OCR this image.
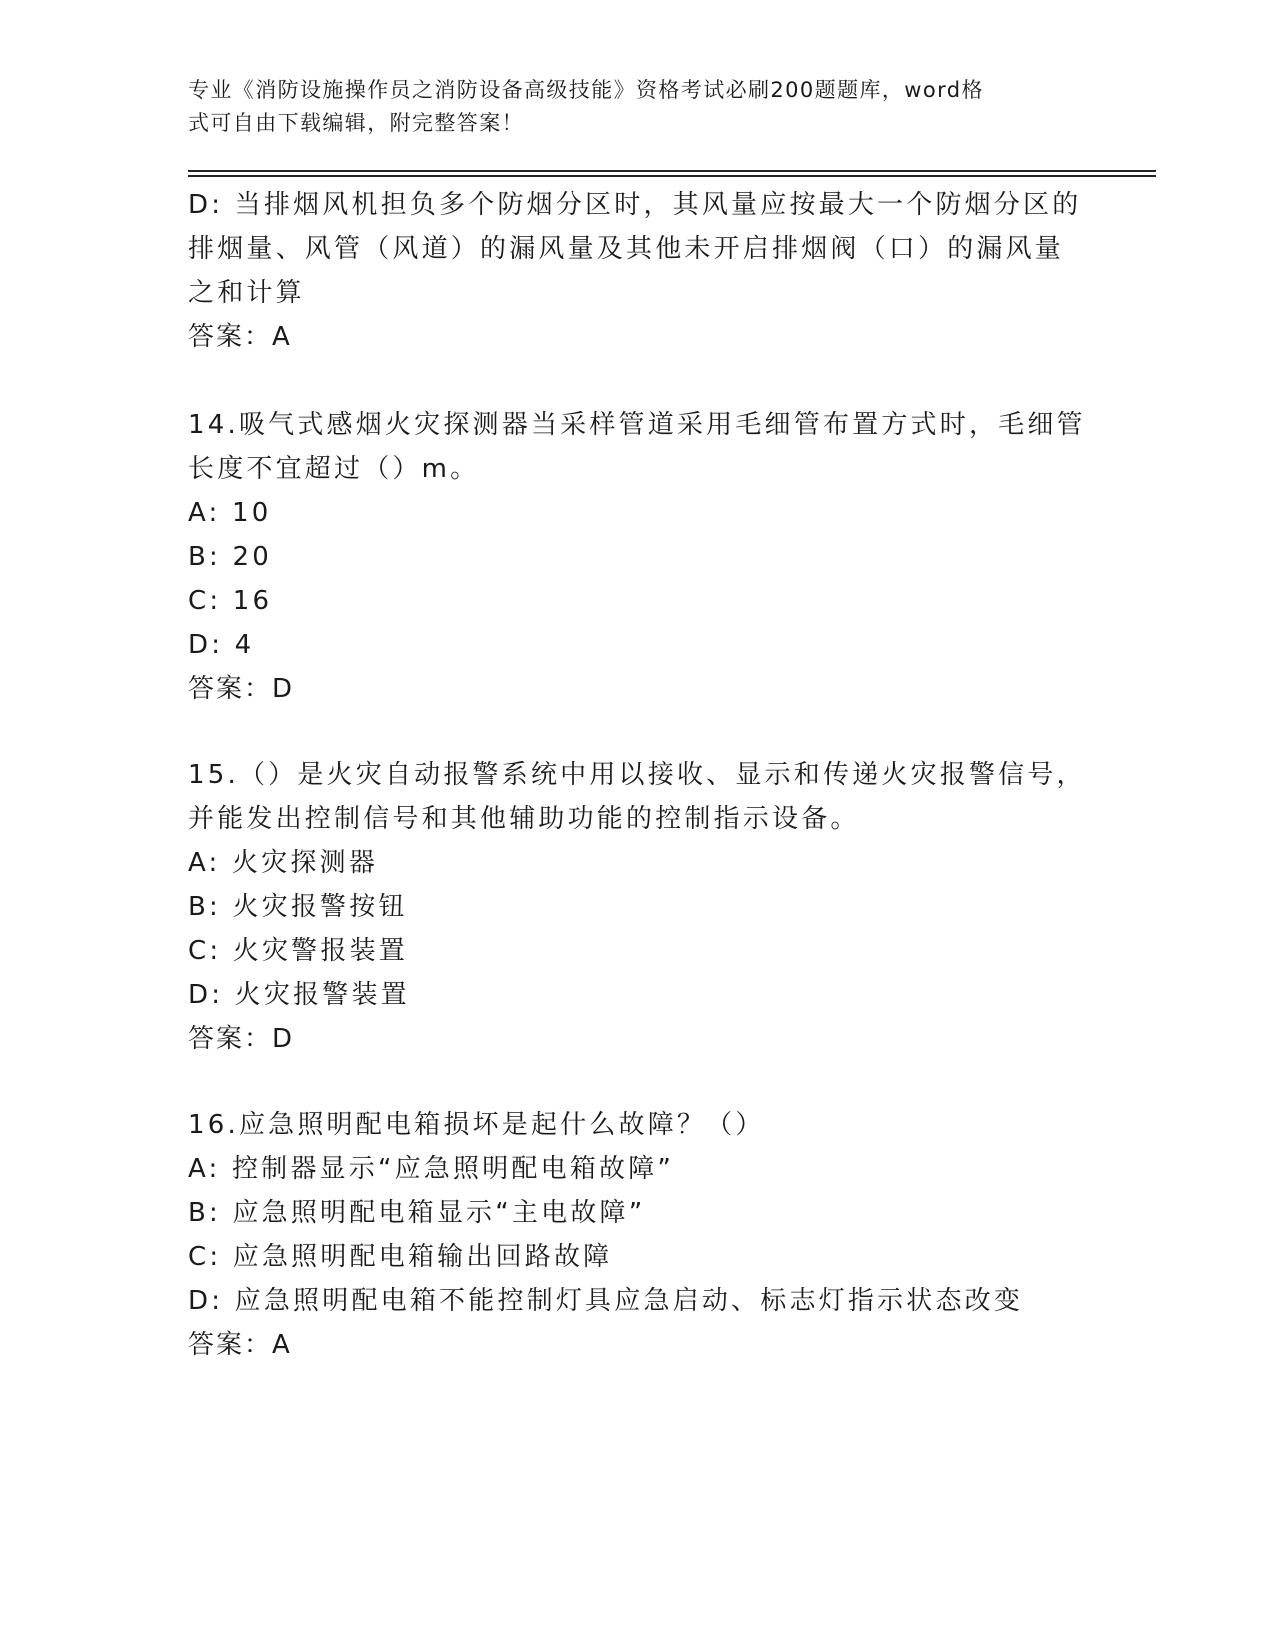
专业《消防设施操作员之消防设备高级技能》资格考试必刷200题题库，word格
式可自由下载编辑，附完整答案！
D: 当排烟风机担负多个防烟分区时，其风量应按最大一个防烟分区的
排烟量、风管（风道）的漏风量及其他未开启排烟阀（口）的漏风量
之和计算
答案：A
14.吸气式感烟火灾探测器当采样管道采用毛细管布置方式时，毛细管
长度不宜超过（）m。
A: 10
B: 20
C: 16
D: 4
答案：D
15.（）是火灾自动报警系统中用以接收、显示和传递火灾报警信号，
并能发出控制信号和其他辅助功能的控制指示设备。
A: 火灾探测器
B: 火灾报警按钮
C: 火灾警报装置
D: 火灾报警装置
答案：D
16.应急照明配电箱损坏是起什么故障？（）
A: 控制器显示“应急照明配电箱故障”
B: 应急照明配电箱显示“主电故障”
C: 应急照明配电箱输出回路故障
D: 应急照明配电箱不能控制灯具应急启动、标志灯指示状态改变
答案：A
